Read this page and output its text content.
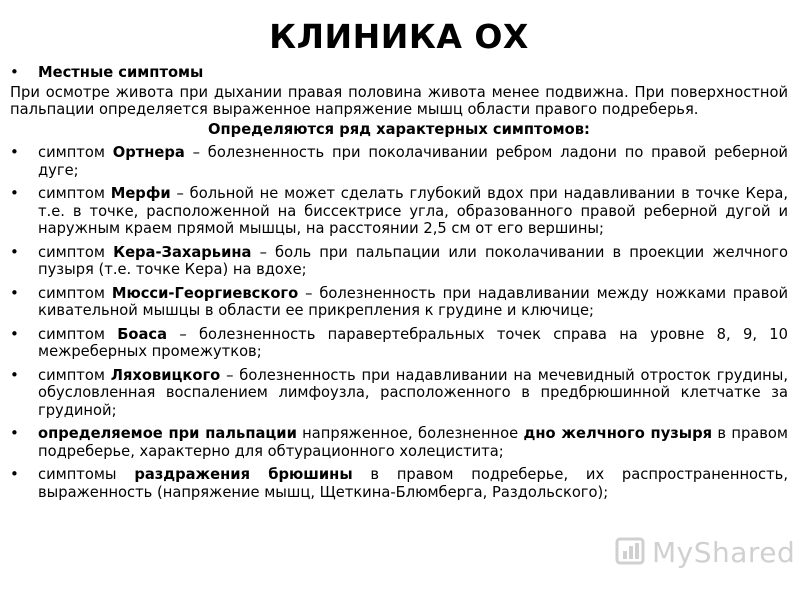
КЛИНИКА ОХ
• Местные симптомы
При осмотре живота при дыхании правая половина живота менее подвижна. При поверхностной пальпации определяется выраженное напряжение мышц области правого подреберья.
Определяются ряд характерных симптомов:
• симптом Ортнера – болезненность при поколачивании ребром ладони по правой реберной дуге;
• симптом Мерфи – больной не может сделать глубокий вдох при надавливании в точке Кера, т.е. в точке, расположенной на биссектрисе угла, образованного правой реберной дугой и наружным краем прямой мышцы, на расстоянии 2,5 см от его вершины;
• симптом Кера-Захарьина – боль при пальпации или поколачивании в проекции желчного пузыря (т.е. точке Кера) на вдохе;
• симптом Мюсси-Георгиевского – болезненность при надавливании между ножками правой кивательной мышцы в области ее прикрепления к грудине и ключице;
• симптом Боаса – болезненность паравертебральных точек справа на уровне 8, 9, 10 межреберных промежутков;
• симптом Ляховицкого – болезненность при надавливании на мечевидный отросток грудины, обусловленная воспалением лимфоузла, расположенного в предбрюшинной клетчатке за грудиной;
• определяемое при пальпации напряженное, болезненное дно желчного пузыря в правом подреберье, характерно для обтурационного холецистита;
• симптомы раздражения брюшины в правом подреберье, их распространенность, выраженность (напряжение мышц, Щеткина-Блюмберга, Раздольского);
MyShared
